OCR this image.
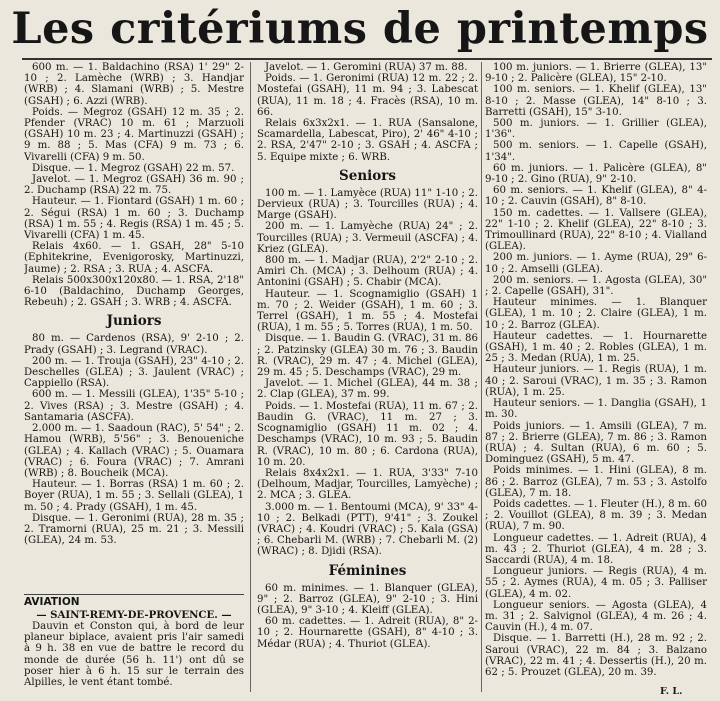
Les critériums de printemps

600 m. — 1. Baldachino (RSA) 1' 29" 2-10 ; 2. Lamèche (WRB) ; 3. Handjar (WRB) ; 4. Slamani (WRB) ; 5. Mestre (GSAH) ; 6. Azzi (WRB).

Poids. — Megroz (GSAH) 12 m. 35 ; 2. Pfender (VRAC) 10 m. 61 ; Marzuoli (GSAH) 10 m. 23 ; 4. Martinuzzi (GSAH) ; 9 m. 88 ; 5. Mas (CFA) 9 m. 73 ; 6. Vivarelli (CFA) 9 m. 50.

Disque. — 1. Megroz (GSAH) 22 m. 57.

Javelot. — 1. Megroz (GSAH) 36 m. 90 ; 2. Duchamp (RSA) 22 m. 75.

Hauteur. — 1. Fiontard (GSAH) 1 m. 60 ; 2. Ségui (RSA) 1 m. 60 ; 3. Duchamp (RSA) 1 m. 55 ; 4. Regis (RSA) 1 m. 45 ; 5. Vivarelli (CFA) 1 m. 45.

Relais 4x60. — 1. GSAH, 28" 5-10 (Ephitekrine, Evenigorosky, Martinuzzi, Jaume) ; 2. RSA ; 3. RUA ; 4. ASCFA.

Relais 500x300x120x80. — 1. RSA, 2'18" 6-10 (Baldachino, Duchamp Georges, Rebeuh) ; 2. GSAH ; 3. WRB ; 4. ASCFA.

Juniors

80 m. — Cardenos (RSA), 9' 2-10 ; 2. Prady (GSAH) ; 3. Legrand (VRAC).

200 m. — 1. Trouja (GSAH), 23" 4-10 ; 2. Deschelles (GLEA) ; 3. Jaulent (VRAC) ; Cappiello (RSA).

600 m. — 1. Messili (GLEA), 1'35" 5-10 ; 2. Vives (RSA) ; 3. Mestre (GSAH) ; 4. Santamaria (ASCFA).

2.000 m. — 1. Saadoun (RAC), 5' 54" ; 2. Hamou (WRB), 5'56" ; 3. Benoueniche (GLEA) ; 4. Kallach (VRAC) ; 5. Ouamara (VRAC) ; 6. Foura (VRAC) ; 7. Amrani (WRB) ; 8. Boucheik (MCA).

Hauteur. — 1. Borras (RSA) 1 m. 60 ; 2. Boyer (RUA), 1 m. 55 ; 3. Sellali (GLEA), 1 m. 50 ; 4. Prady (GSAH), 1 m. 45.

Disque. — 1. Geronimi (RUA), 28 m. 35 ; 2. Tramorni (RUA), 25 m. 21 ; 3. Messili (GLEA), 24 m. 53.

AVIATION
— SAINT-REMY-DE-PROVENCE. —

Dauvin et Conston qui, à bord de leur planeur biplace, avaient pris l'air samedi à 9 h. 38 en vue de battre le record du monde de durée (56 h. 11') ont dû se poser hier à 6 h. 15 sur le terrain des Alpilles, le vent étant tombé.

Javelot. — 1. Geromini (RUA) 37 m. 88.

Poids. — 1. Geronimi (RUA) 12 m. 22 ; 2. Mostefai (GSAH), 11 m. 94 ; 3. Labescat (RUA), 11 m. 18 ; 4. Fracès (RSA), 10 m. 66.

Relais 6x3x2x1. — 1. RUA (Sansalone, Scamardella, Labescat, Piro), 2' 46" 4-10 ; 2. RSA, 2'47" 2-10 ; 3. GSAH ; 4. ASCFA ; 5. Equipe mixte ; 6. WRB.

Seniors

100 m. — 1. Lamyèce (RUA) 11" 1-10 ; 2. Dervieux (RUA) ; 3. Tourcilles (RUA) ; 4. Marge (GSAH).

200 m. — 1. Lamyèche (RUA) 24" ; 2. Tourcilles (RUA) ; 3. Vermeuil (ASCFA) ; 4. Kriez (GLEA).

800 m. — 1. Madjar (RUA), 2'2" 2-10 ; 2. Amiri Ch. (MCA) ; 3. Delhoum (RUA) ; 4. Antonini (GSAH) ; 5. Chabir (MCA).

Hauteur. — 1. Scognamiglio (GSAH) 1 m. 70 ; 2. Weider (GSAH), 1 m. 60 ; 3. Terrel (GSAH), 1 m. 55 ; 4. Mostefai (RUA), 1 m. 55 ; 5. Torres (RUA), 1 m. 50.

Disque. — 1. Baudin G. (VRAC), 31 m. 86 ; 2. Patzinsky (GLEA) 30 m. 76 ; 3. Baudin R. (VRAC), 29 m. 47 ; 4. Michel (GLEA), 29 m. 45 ; 5. Deschamps (VRAC), 29 m.

Javelot. — 1. Michel (GLEA), 44 m. 38 ; 2. Clap (GLEA), 37 m. 99.

Poids. — 1. Mostefai (RUA), 11 m. 67 ; 2. Baudin G. (VRAC), 11 m. 27 ; 3. Scognamiglio (GSAH) 11 m. 02 ; 4. Deschamps (VRAC), 10 m. 93 ; 5. Baudin R. (VRAC), 10 m. 80 ; 6. Cardona (RUA), 10 m. 20.

Relais 8x4x2x1. — 1. RUA, 3'33" 7-10 (Delhoum, Madjar, Tourcilles, Lamyèche) ; 2. MCA ; 3. GLEA.

3.000 m. — 1. Bentoumi (MCA), 9' 33" 4-10 ; 2. Belkadi (PTT), 9'41" ; 3. Zoukel (VRAC) ; 4. Koudri (VRAC) ; 5. Kala (GSA) ; 6. Chebarli M. (WRB) ; 7. Chebarli M. (2) (WRAC) ; 8. Djidi (RSA).

Féminines

60 m. minimes. — 1. Blanquer (GLEA), 9" ; 2. Barroz (GLEA), 9" 2-10 ; 3. Hini (GLEA), 9" 3-10 ; 4. Kleiff (GLEA).

60 m. cadettes. — 1. Adreit (RUA), 8" 2-10 ; 2. Hournarette (GSAH), 8" 4-10 ; 3. Médar (RUA) ; 4. Thuriot (GLEA).

100 m. juniors. — 1. Brierre (GLEA), 13" 9-10 ; 2. Palicère (GLEA), 15" 2-10.

100 m. seniors. — 1. Khelif (GLEA), 13" 8-10 ; 2. Masse (GLEA), 14" 8-10 ; 3. Barretti (GSAH), 15" 3-10.

500 m. juniors. — 1. Grillier (GLEA), 1'36".

500 m. seniors. — 1. Capelle (GSAH), 1'34".

60 m. juniors. — 1. Palicère (GLEA), 8" 9-10 ; 2. Gino (RUA), 9" 2-10.

60 m. seniors. — 1. Khelif (GLEA), 8" 4-10 ; 2. Cauvin (GSAH), 8" 8-10.

150 m. cadettes. — 1. Vallsere (GLEA), 22" 1-10 ; 2. Khelif (GLEA), 22" 8-10 ; 3. Trimoullinard (RUA), 22" 8-10 ; 4. Vialland (GLEA).

200 m. juniors. — 1. Ayme (RUA), 29" 6-10 ; 2. Amselli (GLEA).

200 m. seniors. — 1. Agosta (GLEA), 30" ; 2. Capelle (GSAH), 31".

Hauteur minimes. — 1. Blanquer (GLEA), 1 m. 10 ; 2. Claire (GLEA), 1 m. 10 ; 2. Barroz (GLEA).

Hauteur cadettes. — 1. Hournarette (GSAH), 1 m. 40 ; 2. Robles (GLEA), 1 m. 25 ; 3. Medan (RUA), 1 m. 25.

Hauteur juniors. — 1. Regis (RUA), 1 m. 40 ; 2. Saroui (VRAC), 1 m. 35 ; 3. Ramon (RUA), 1 m. 25.

Hauteur seniors. — 1. Danglia (GSAH), 1 m. 30.

Poids juniors. — 1. Amsili (GLEA), 7 m. 87 ; 2. Brierre (GLEA), 7 m. 86 ; 3. Ramon (RUA) ; 4. Sultan (RUA), 6 m. 60 ; 5. Dominguez (GSAH), 5 m. 47.

Poids minimes. — 1. Hini (GLEA), 8 m. 86 ; 2. Barroz (GLEA), 7 m. 53 ; 3. Astolfo (GLEA), 7 m. 18.

Poids cadettes. — 1. Fleuter (H.), 8 m. 60 ; 2. Vouillot (GLEA), 8 m. 39 ; 3. Medan (RUA), 7 m. 90.

Longueur cadettes. — 1. Adreit (RUA), 4 m. 43 ; 2. Thuriot (GLEA), 4 m. 28 ; 3. Saccardi (RUA), 4 m. 18.

Longueur juniors. — Regis (RUA), 4 m. 55 ; 2. Aymes (RUA), 4 m. 05 ; 3. Palliser (GLEA), 4 m. 02.

Longueur seniors. — Agosta (GLEA), 4 m. 31 ; 2. Salvignol (GLEA), 4 m. 26 ; 4. Cauvin (H.), 4 m. 07.

Disque. — 1. Barretti (H.), 28 m. 92 ; 2. Saroui (VRAC), 22 m. 84 ; 3. Balzano (VRAC), 22 m. 41 ; 4. Dessertis (H.), 20 m. 62 ; 5. Prouzet (GLEA), 20 m. 39.

F. L.
